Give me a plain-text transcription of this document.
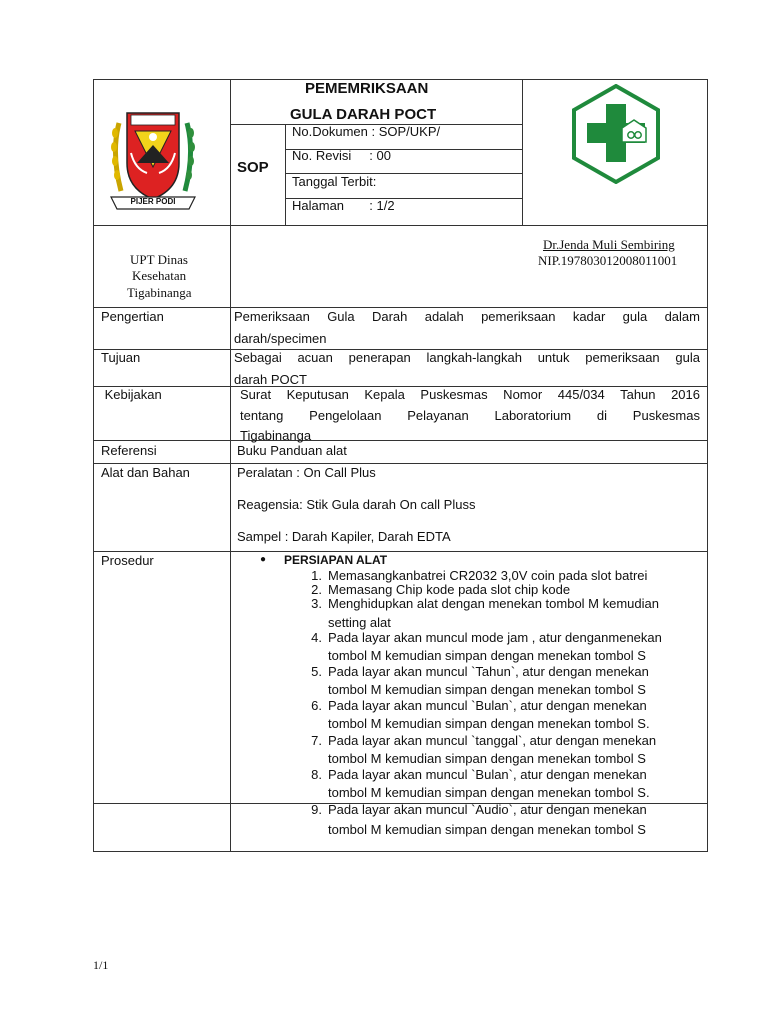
PIJER PODI
PEMEMRIKSAAN
GULA DARAH POCT
SOP
No.Dokumen : SOP/UKP/
No. Revisi     : 00
Tanggal Terbit:
Halaman       : 1/2
UPT Dinas
Kesehatan
Tigabinanga
Dr.Jenda Muli Sembiring
NIP.197803012008011001
Pengertian	Pemeriksaan Gula Darah adalah pemeriksaan kadar gula dalam
darah/specimen
Tujuan	Sebagai acuan penerapan langkah-langkah untuk pemeriksaan gula
darah POCT
Kebijakan	Surat Keputusan Kepala Puskesmas Nomor 445/034 Tahun 2016
tentang Pengelolaan Pelayanan Laboratorium di Puskesmas
Tigabinanga
Referensi	Buku Panduan alat
Alat dan Bahan	Peralatan : On Call Plus
Reagensia: Stik Gula darah On call Pluss
Sampel : Darah Kapiler, Darah EDTA
Prosedur	● PERSIAPAN ALAT
1. Memasangkanbatrei CR2032 3,0V coin pada slot batrei
2. Memasang Chip kode pada slot chip kode
3. Menghidupkan alat dengan menekan tombol M kemudian
setting alat
4. Pada layar akan muncul mode jam , atur denganmenekan
tombol M kemudian simpan dengan menekan tombol S
5. Pada layar akan muncul `Tahun`, atur dengan menekan
tombol M kemudian simpan dengan menekan tombol S
6. Pada layar akan muncul `Bulan`, atur dengan menekan
tombol M kemudian simpan dengan menekan tombol S.
7. Pada layar akan muncul `tanggal`, atur dengan menekan
tombol M kemudian simpan dengan menekan tombol S
8. Pada layar akan muncul `Bulan`, atur dengan menekan
tombol M kemudian simpan dengan menekan tombol S.
9. Pada layar akan muncul `Audio`, atur dengan menekan
tombol M kemudian simpan dengan menekan tombol S
1/1
